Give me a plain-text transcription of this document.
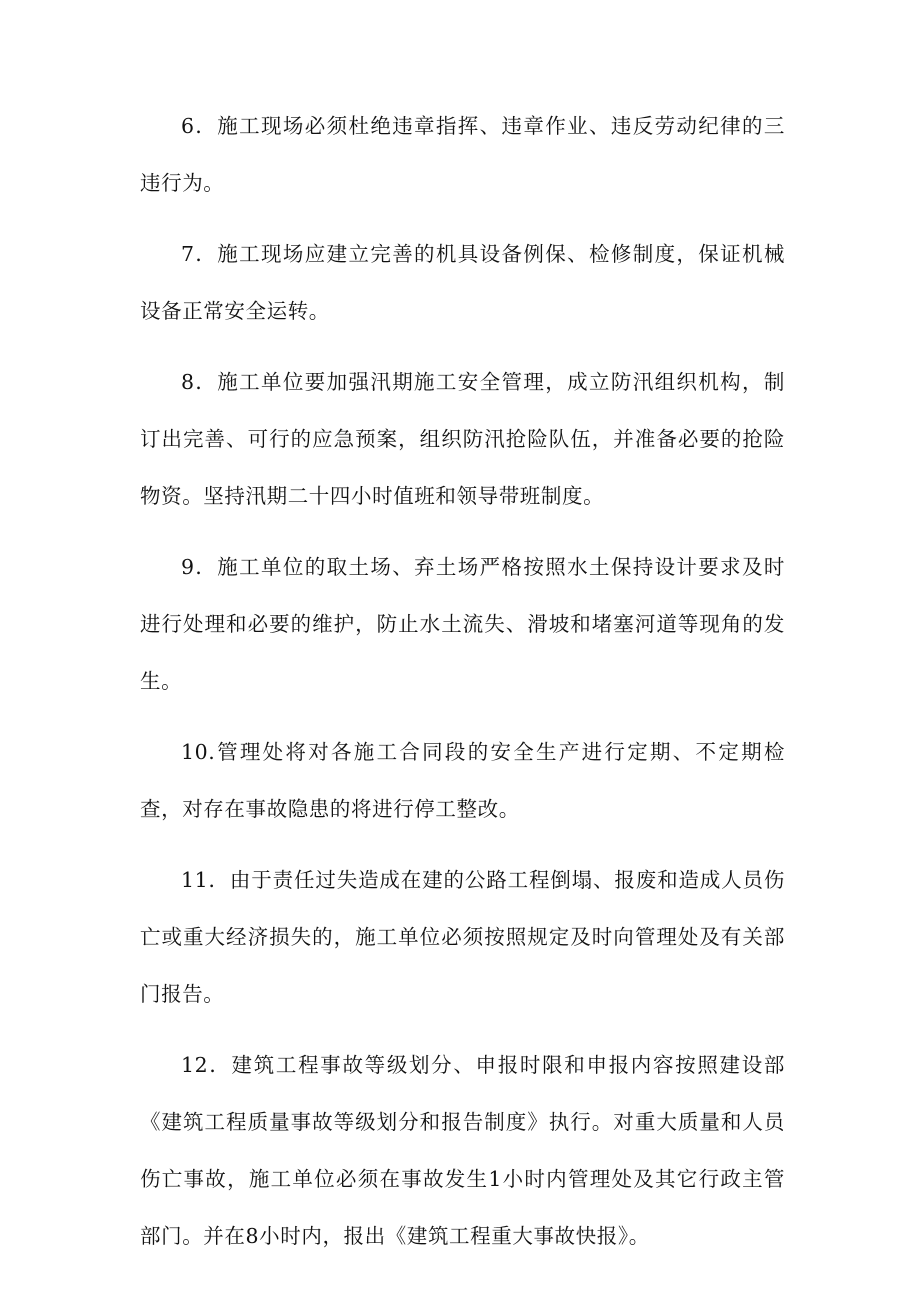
6．施工现场必须杜绝违章指挥、违章作业、违反劳动纪律的三违行为。

7．施工现场应建立完善的机具设备例保、检修制度，保证机械设备正常安全运转。

8．施工单位要加强汛期施工安全管理，成立防汛组织机构，制订出完善、可行的应急预案，组织防汛抢险队伍，并准备必要的抢险物资。坚持汛期二十四小时值班和领导带班制度。

9．施工单位的取土场、弃土场严格按照水土保持设计要求及时进行处理和必要的维护，防止水土流失、滑坡和堵塞河道等现角的发生。

10.管理处将对各施工合同段的安全生产进行定期、不定期检查，对存在事故隐患的将进行停工整改。

11．由于责任过失造成在建的公路工程倒塌、报废和造成人员伤亡或重大经济损失的，施工单位必须按照规定及时向管理处及有关部门报告。

12．建筑工程事故等级划分、申报时限和申报内容按照建设部《建筑工程质量事故等级划分和报告制度》执行。对重大质量和人员伤亡事故，施工单位必须在事故发生1小时内管理处及其它行政主管部门。并在8小时内，报出《建筑工程重大事故快报》。
